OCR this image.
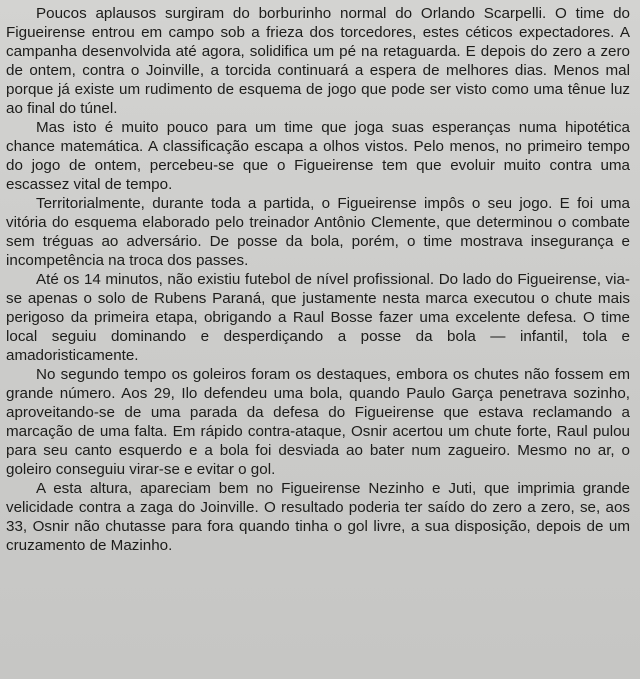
Poucos aplausos surgiram do borburinho normal do Orlando Scarpelli. O time do Figueirense entrou em campo sob a frieza dos torcedores, estes céticos expectadores. A campanha desenvolvida até agora, solidifica um pé na retaguarda. E depois do zero a zero de ontem, contra o Joinville, a torcida continuará a espera de melhores dias. Menos mal porque já existe um rudimento de esquema de jogo que pode ser visto como uma tênue luz ao final do túnel.

Mas isto é muito pouco para um time que joga suas esperanças numa hipotética chance matemática. A classificação escapa a olhos vistos. Pelo menos, no primeiro tempo do jogo de ontem, percebeu-se que o Figueirense tem que evoluir muito contra uma escassez vital de tempo.

Territorialmente, durante toda a partida, o Figueirense impôs o seu jogo. E foi uma vitória do esquema elaborado pelo treinador Antônio Clemente, que determinou o combate sem tréguas ao adversário. De posse da bola, porém, o time mostrava insegurança e incompetência na troca dos passes.

Até os 14 minutos, não existiu futebol de nível profissional. Do lado do Figueirense, via-se apenas o solo de Rubens Paraná, que justamente nesta marca executou o chute mais perigoso da primeira etapa, obrigando a Raul Bosse fazer uma excelente defesa. O time local seguiu dominando e desperdiçando a posse da bola — infantil, tola e amadoristicamente.

No segundo tempo os goleiros foram os destaques, embora os chutes não fossem em grande número. Aos 29, Ilo defendeu uma bola, quando Paulo Garça penetrava sozinho, aproveitando-se de uma parada da defesa do Figueirense que estava reclamando a marcação de uma falta. Em rápido contra-ataque, Osnir acertou um chute forte, Raul pulou para seu canto esquerdo e a bola foi desviada ao bater num zagueiro. Mesmo no ar, o goleiro conseguiu virar-se e evitar o gol.

A esta altura, apareciam bem no Figueirense Nezinho e Juti, que imprimia grande velicidade contra a zaga do Joinville. O resultado poderia ter saído do zero a zero, se, aos 33, Osnir não chutasse para fora quando tinha o gol livre, a sua disposição, depois de um cruzamento de Mazinho.
